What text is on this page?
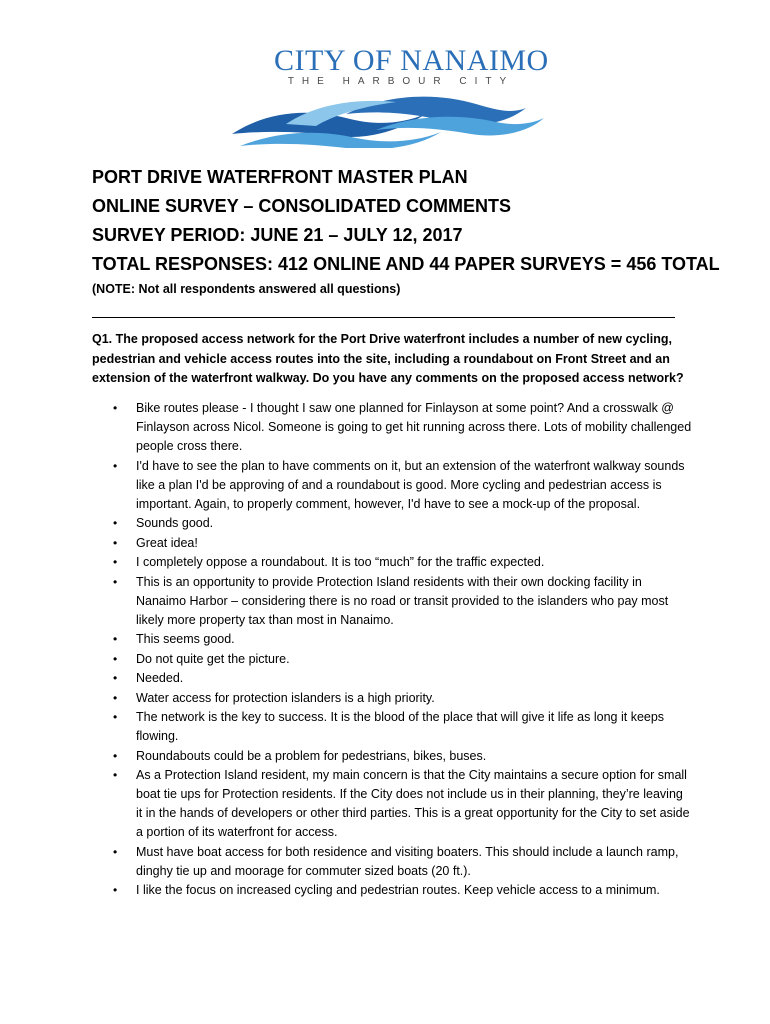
CITY OF NANAIMO
THE HARBOUR CITY
PORT DRIVE WATERFRONT MASTER PLAN
ONLINE SURVEY – CONSOLIDATED COMMENTS
SURVEY PERIOD: JUNE 21 – JULY 12, 2017
TOTAL RESPONSES: 412 ONLINE AND 44 PAPER SURVEYS = 456 TOTAL
(NOTE: Not all respondents answered all questions)
Q1. The proposed access network for the Port Drive waterfront includes a number of new cycling, pedestrian and vehicle access routes into the site, including a roundabout on Front Street and an extension of the waterfront walkway. Do you have any comments on the proposed access network?
• Bike routes please - I thought I saw one planned for Finlayson at some point? And a crosswalk @ Finlayson across Nicol. Someone is going to get hit running across there. Lots of mobility challenged people cross there.
• I'd have to see the plan to have comments on it, but an extension of the waterfront walkway sounds like a plan I'd be approving of and a roundabout is good. More cycling and pedestrian access is important. Again, to properly comment, however, I'd have to see a mock-up of the proposal.
• Sounds good.
• Great idea!
• I completely oppose a roundabout. It is too “much” for the traffic expected.
• This is an opportunity to provide Protection Island residents with their own docking facility in Nanaimo Harbor – considering there is no road or transit provided to the islanders who pay most likely more property tax than most in Nanaimo.
• This seems good.
• Do not quite get the picture.
• Needed.
• Water access for protection islanders is a high priority.
• The network is the key to success. It is the blood of the place that will give it life as long it keeps flowing.
• Roundabouts could be a problem for pedestrians, bikes, buses.
• As a Protection Island resident, my main concern is that the City maintains a secure option for small boat tie ups for Protection residents. If the City does not include us in their planning, they’re leaving it in the hands of developers or other third parties. This is a great opportunity for the City to set aside a portion of its waterfront for access.
• Must have boat access for both residence and visiting boaters. This should include a launch ramp, dinghy tie up and moorage for commuter sized boats (20 ft.).
• I like the focus on increased cycling and pedestrian routes. Keep vehicle access to a minimum.
